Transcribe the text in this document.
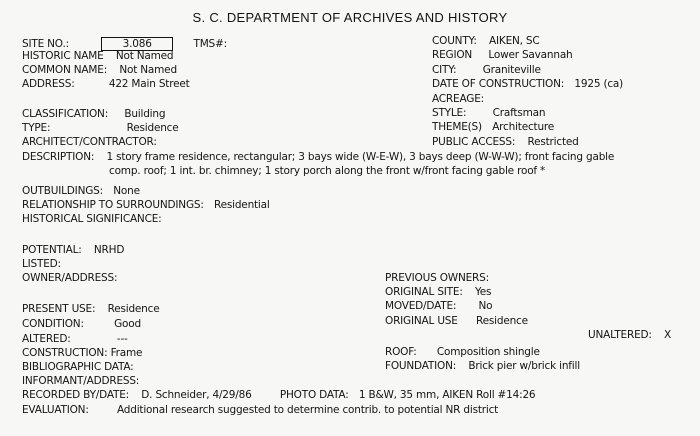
S. C. DEPARTMENT OF ARCHIVES AND HISTORY
SITE NO.:	3.086	TMS#:
HISTORIC NAME Not Named
COMMON NAME: Not Named
ADDRESS:	422 Main Street
CLASSIFICATION: Building
TYPE:	Residence
ARCHITECT/CONTRACTOR:
DESCRIPTION: 1 story frame residence, rectangular; 3 bays wide (W-E-W), 3 bays deep (W-W-W); front facing gable
comp. roof; 1 int. br. chimney; 1 story porch along the front w/front facing gable roof *
OUTBUILDINGS: None
RELATIONSHIP TO SURROUNDINGS: Residential
HISTORICAL SIGNIFICANCE:
POTENTIAL: NRHD
LISTED:
OWNER/ADDRESS:
PRESENT USE: Residence
CONDITION:	Good
ALTERED:	---
CONSTRUCTION: Frame
BIBLIOGRAPHIC DATA:
INFORMANT/ADDRESS:
RECORDED BY/DATE: D. Schneider, 4/29/86	PHOTO DATA: 1 B&W, 35 mm, AIKEN Roll #14:26
EVALUATION:	Additional research suggested to determine contrib. to potential NR district
COUNTY: AIKEN, SC
REGION Lower Savannah
CITY:	Graniteville
DATE OF CONSTRUCTION: 1925 (ca)
ACREAGE:
STYLE:	Craftsman
THEME(S) Architecture
PUBLIC ACCESS: Restricted
PREVIOUS OWNERS:
ORIGINAL SITE: Yes
MOVED/DATE: No
ORIGINAL USE Residence
UNALTERED: X
ROOF: Composition shingle
FOUNDATION: Brick pier w/brick infill
